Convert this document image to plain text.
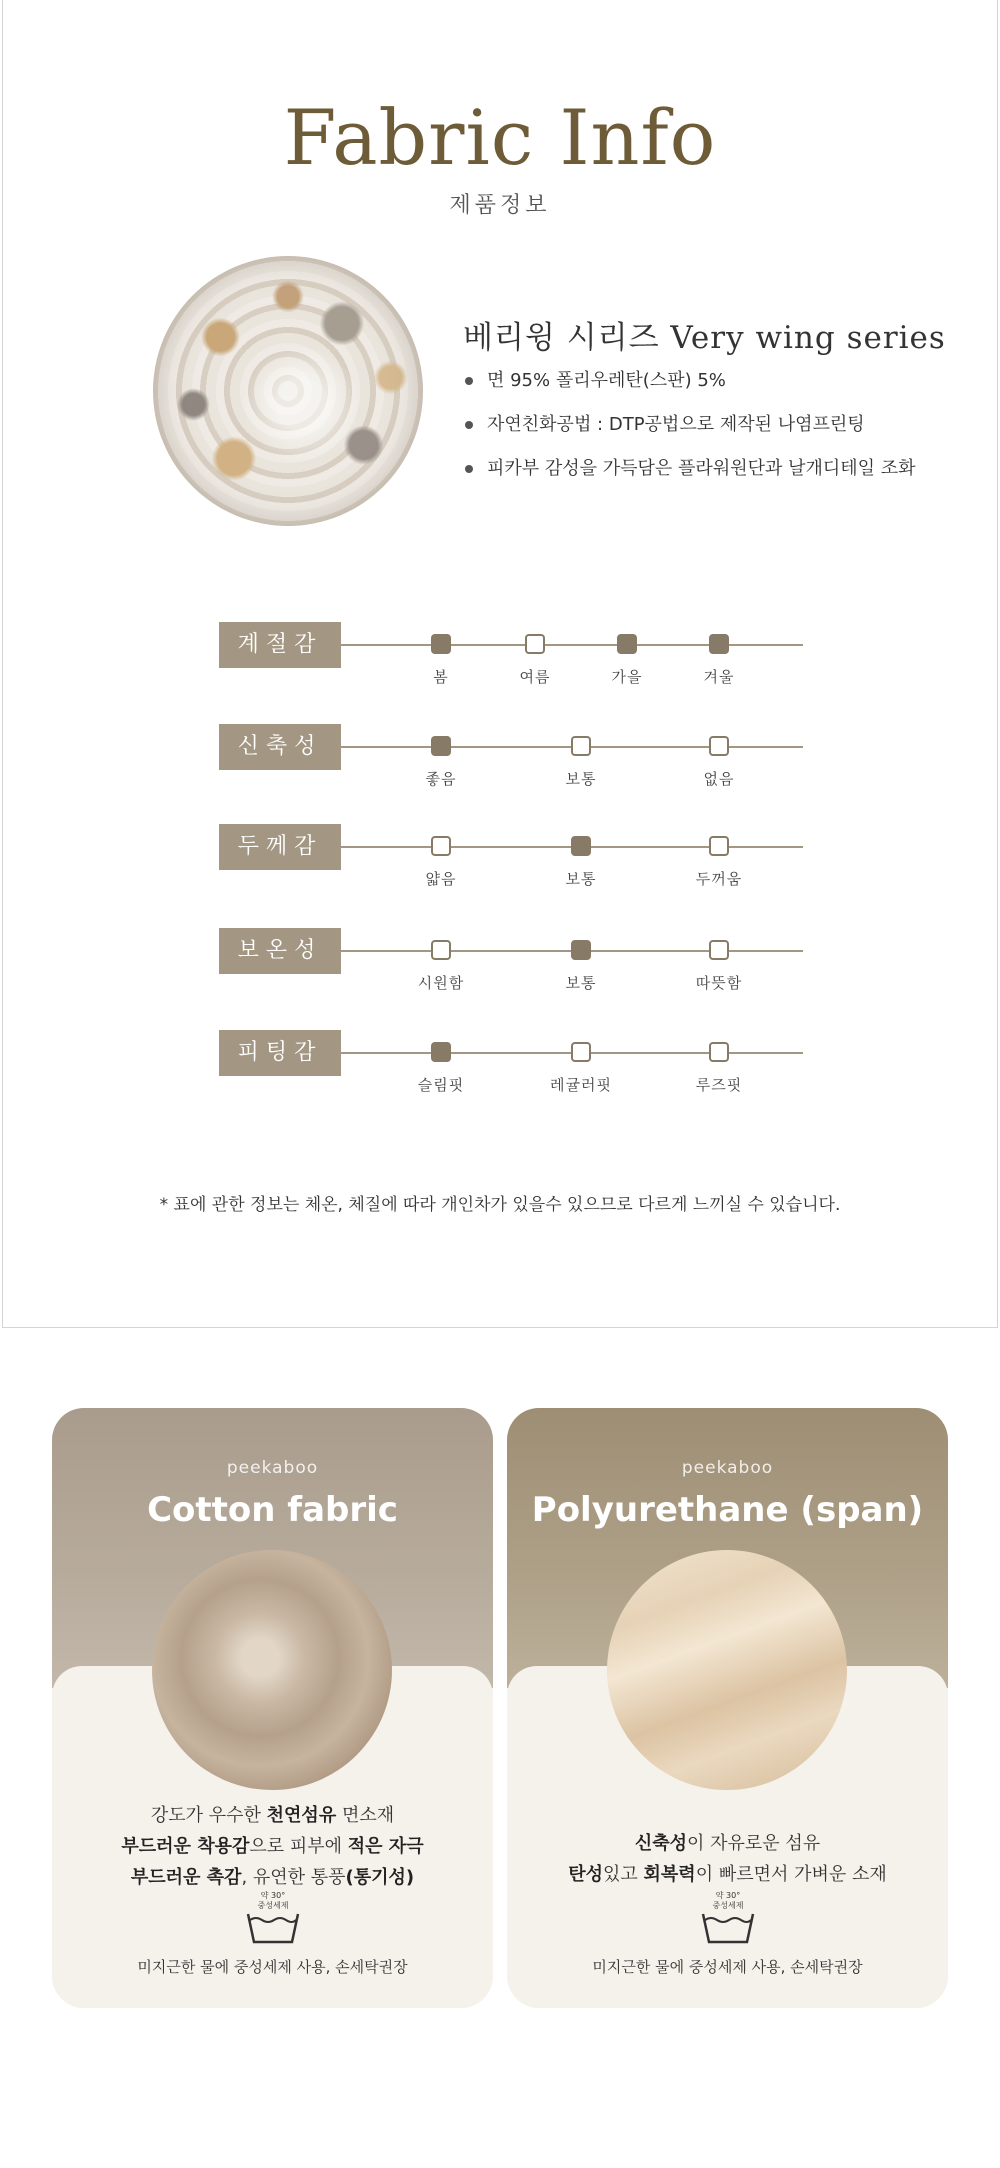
Fabric Info
제품정보
베리윙 시리즈 Very wing series
면 95% 폴리우레탄(스판) 5%
자연친화공법 : DTP공법으로 제작된 나염프린팅
피카부 감성을 가득담은 플라워원단과 날개디테일 조화
계절감
봄	여름	가을	겨울
신축성
좋음	보통	없음
두께감
얇음	보통	두꺼움
보온성
시원함	보통	따뜻함
피팅감
슬림핏	레귤러핏	루즈핏
* 표에 관한 정보는 체온, 체질에 따라 개인차가 있을수 있으므로 다르게 느끼실 수 있습니다.
peekaboo
Cotton fabric
강도가 우수한 천연섬유 면소재
부드러운 착용감으로 피부에 적은 자극
부드러운 촉감, 유연한 통풍(통기성)
약 30°
중성세제
미지근한 물에 중성세제 사용, 손세탁권장
peekaboo
Polyurethane (span)
신축성이 자유로운 섬유
탄성있고 회복력이 빠르면서 가벼운 소재
약 30°
중성세제
미지근한 물에 중성세제 사용, 손세탁권장
